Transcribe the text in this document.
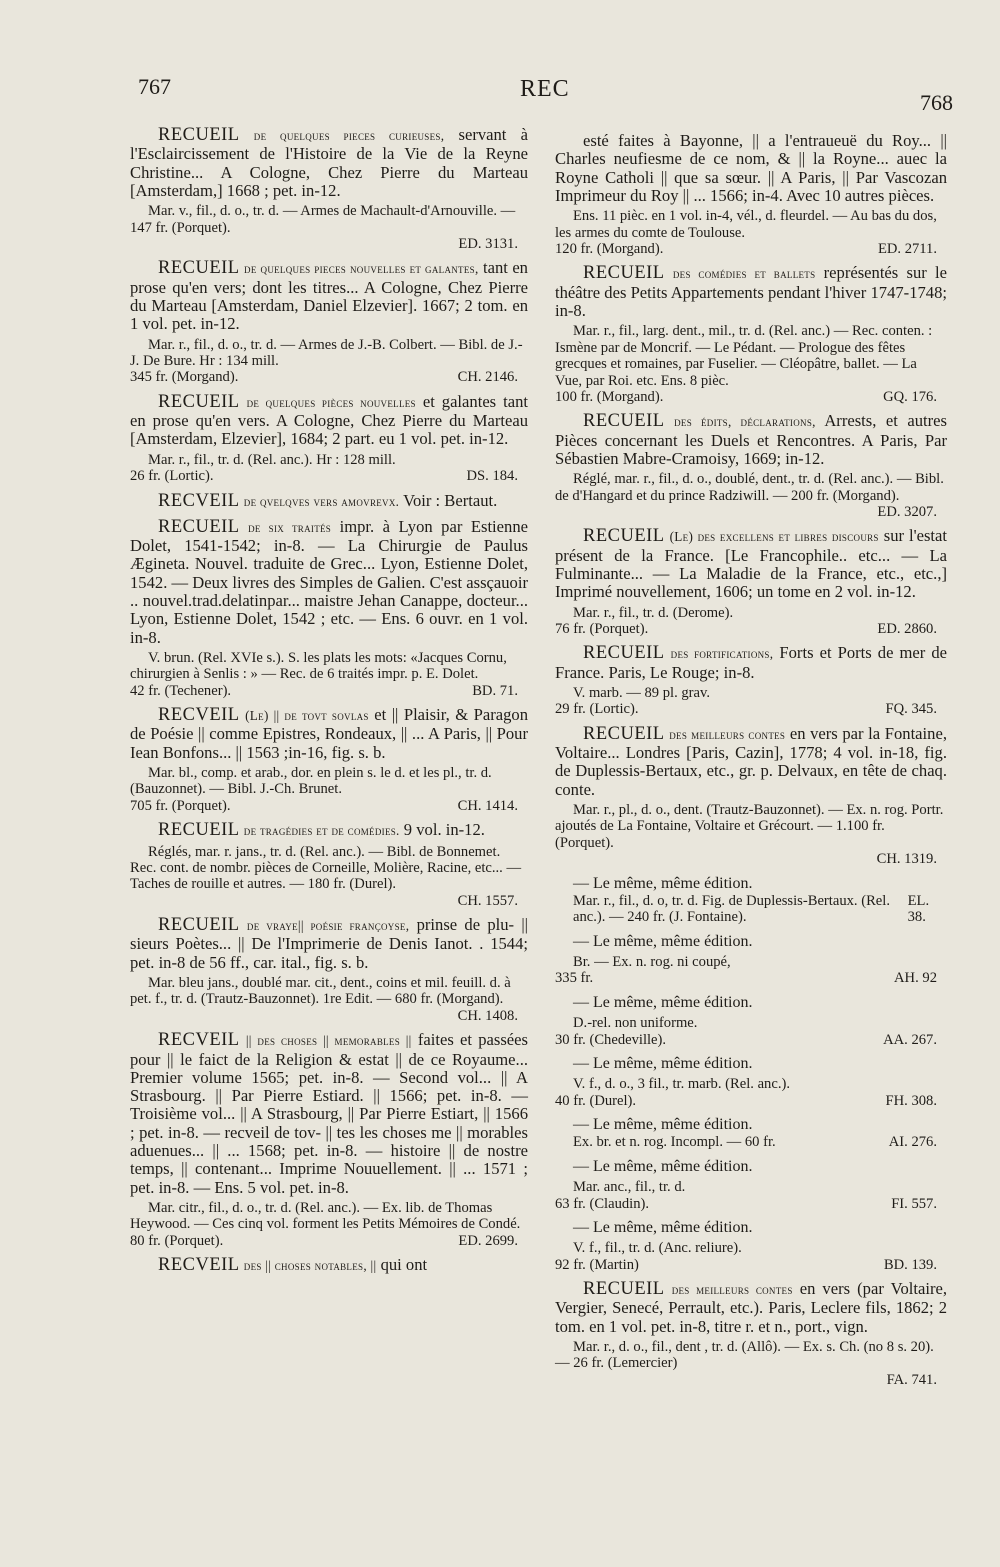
767	REC
768

RECUEIL de quelques pieces curieuses, servant à l'Esclaircissement de l'Histoire de la Vie de la Reyne Christine... A Cologne, Chez Pierre du Marteau [Amsterdam,] 1668 ; pet. in-12.

Mar. v., fil., d. o., tr. d. — Armes de Machault-d'Arnouville. — 147 fr. (Porquet).

ED. 3131.

RECUEIL de quelques pieces nouvelles et galantes, tant en prose qu'en vers; dont les titres... A Cologne, Chez Pierre du Marteau [Amsterdam, Daniel Elzevier]. 1667; 2 tom. en 1 vol. pet. in-12.

Mar. r., fil., d. o., tr. d. — Armes de J.-B. Colbert. — Bibl. de J.-J. De Bure. Hr : 134 mill.

345 fr. (Morgand).	CH. 2146.

RECUEIL de quelques pièces nouvelles et galantes tant en prose qu'en vers. A Cologne, Chez Pierre du Marteau [Amsterdam, Elzevier], 1684; 2 part. eu 1 vol. pet. in-12.

Mar. r., fil., tr. d. (Rel. anc.). Hr : 128 mill.

26 fr. (Lortic).	DS. 184.

RECVEIL de qvelqves vers amovrevx. Voir : Bertaut.

RECUEIL de six traités impr. à Lyon par Estienne Dolet, 1541-1542; in-8. — La Chirurgie de Paulus Æginetа. Nouvel. traduite de Grec... Lyon, Estienne Dolet, 1542. — Deux livres des Simples de Galien. C'est assçauoir .. nouvel.trad.delatinpar... maistre Jehan Canappe, docteur... Lyon, Estienne Dolet, 1542 ; etc. — Ens. 6 ouvr. en 1 vol. in-8.

V. brun. (Rel. XVIe s.). S. les plats les mots: «Jacques Cornu, chirurgien à Senlis : » — Rec. de 6 traités impr. p. E. Dolet.

42 fr. (Techener).	BD. 71.

RECVEIL (Le) || de tovt sovlas et || Plaisir, & Paragon de Poésie || comme Epistres, Rondeaux, || ... A Paris, || Pour Iean Bonfons... || 1563 ;in-16, fig. s. b.

Mar. bl., comp. et arab., dor. en plein s. le d. et les pl., tr. d. (Bauzonnet). — Bibl. J.-Ch. Brunet.

705 fr. (Porquet).	CH. 1414.

RECUEIL de tragédies et de comédies. 9 vol. in-12.

Réglés, mar. r. jans., tr. d. (Rel. anc.). — Bibl. de Bonnemet. Rec. cont. de nombr. pièces de Corneille, Molière, Racine, etc... — Taches de rouille et autres. — 180 fr. (Durel).

CH. 1557.

RECUEIL de vraye|| poésie françoyse, prinse de plu- || sieurs Poètes... || De l'Imprimerie de Denis Ianot. . 1544; pet. in-8 de 56 ff., car. ital., fig. s. b.

Mar. bleu jans., doublé mar. cit., dent., coins et mil. feuill. d. à pet. f., tr. d. (Trautz-Bauzonnet). 1re Edit. — 680 fr. (Morgand).

CH. 1408.

RECVEIL || des choses || memorables || faites et passées pour || le faict de la Religion & estat || de ce Royaume... Premier volume 1565; pet. in-8. — Second vol... || A Strasbourg. || Par Pierre Estiard. || 1566; pet. in-8. — Troisième vol... || A Strasbourg, || Par Pierre Estiart, || 1566 ; pet. in-8. — recveil de tov- || tes les choses me || morables aduenues... || ... 1568; pet. in-8. — histoire || de nostre temps, || contenant... Imprime Nouuellement. || ... 1571 ; pet. in-8. — Ens. 5 vol. pet. in-8.

Mar. citr., fil., d. o., tr. d. (Rel. anc.). — Ex. lib. de Thomas Heywood. — Ces cinq vol. forment les Petits Mémoires de Condé.

80 fr. (Porquet).	ED. 2699.

RECVEIL des || choses notables, || qui ont

esté faites à Bayonne, || a l'entraueuë du Roy... || Charles neufiesme de ce nom, & || la Royne... auec la Royne Catholi || que sa sœur. || A Paris, || Par Vascozan Imprimeur du Roy || ... 1566; in-4. Avec 10 autres pièces.

Ens. 11 pièc. en 1 vol. in-4, vél., d. fleurdel. — Au bas du dos, les armes du comte de Toulouse.

120 fr. (Morgand).	ED. 2711.

RECUEIL des comédies et ballets représentés sur le théâtre des Petits Appartements pendant l'hiver 1747-1748; in-8.

Mar. r., fil., larg. dent., mil., tr. d. (Rel. anc.) — Rec. conten. : Ismène par de Moncrif. — Le Pédant. — Prologue des fêtes grecques et romaines, par Fuselier. — Cléopâtre, ballet. — La Vue, par Roi. etc. Ens. 8 pièc.

100 fr. (Morgand).	GQ. 176.

RECUEIL des édits, déclarations, Arrests, et autres Pièces concernant les Duels et Rencontres. A Paris, Par Sébastien Mabre-Cramoisy, 1669; in-12.

Réglé, mar. r., fil., d. o., doublé, dent., tr. d. (Rel. anc.). — Bibl. de d'Hangard et du prince Radziwill. — 200 fr. (Morgand).

ED. 3207.

RECUEIL (Le) des excellens et libres discours sur l'estat présent de la France. [Le Francophile.. etc... — La Fulminante... — La Maladie de la France, etc., etc.,] Imprimé nouvellement, 1606; un tome en 2 vol. in-12.

Mar. r., fil., tr. d. (Derome).

76 fr. (Porquet).	ED. 2860.

RECUEIL des fortifications, Forts et Ports de mer de France. Paris, Le Rouge; in-8.

V. marb. — 89 pl. grav.

29 fr. (Lortic).	FQ. 345.

RECUEIL des meilleurs contes en vers par la Fontaine, Voltaire... Londres [Paris, Cazin], 1778; 4 vol. in-18, fig. de Duplessis-Bertaux, etc., gr. p. Delvaux, en tête de chaq. conte.

Mar. r., pl., d. o., dent. (Trautz-Bauzonnet). — Ex. n. rog. Portr. ajoutés de La Fontaine, Voltaire et Grécourt. — 1.100 fr. (Porquet).

CH. 1319.

— Le même, même édition.

Mar. r., fil., d. o, tr. d. Fig. de Duplessis-Bertaux. (Rel. anc.). — 240 fr. (J. Fontaine).
EL. 38.

— Le même, même édition.

Br. — Ex. n. rog. ni coupé,

335 fr.	AH. 92

— Le même, même édition.

D.-rel. non uniforme.

30 fr. (Chedeville).	AA. 267.

— Le même, même édition.

V. f., d. o., 3 fil., tr. marb. (Rel. anc.).

40 fr. (Durel).	FH. 308.

— Le même, même édition.

Ex. br. et n. rog. Incompl. — 60 fr.	AI. 276.

— Le même, même édition.

Mar. anc., fil., tr. d.

63 fr. (Claudin).	FI. 557.

— Le même, même édition.

V. f., fil., tr. d. (Anc. reliure).

92 fr. (Martin)	BD. 139.

RECUEIL des meilleurs contes en vers (par Voltaire, Vergier, Senecé, Perrault, etc.). Paris, Leclere fils, 1862; 2 tom. en 1 vol. pet. in-8, titre r. et n., port., vign.

Mar. r., d. o., fil., dent , tr. d. (Allô). — Ex. s. Ch. (no 8 s. 20). — 26 fr. (Lemercier)

FA. 741.
